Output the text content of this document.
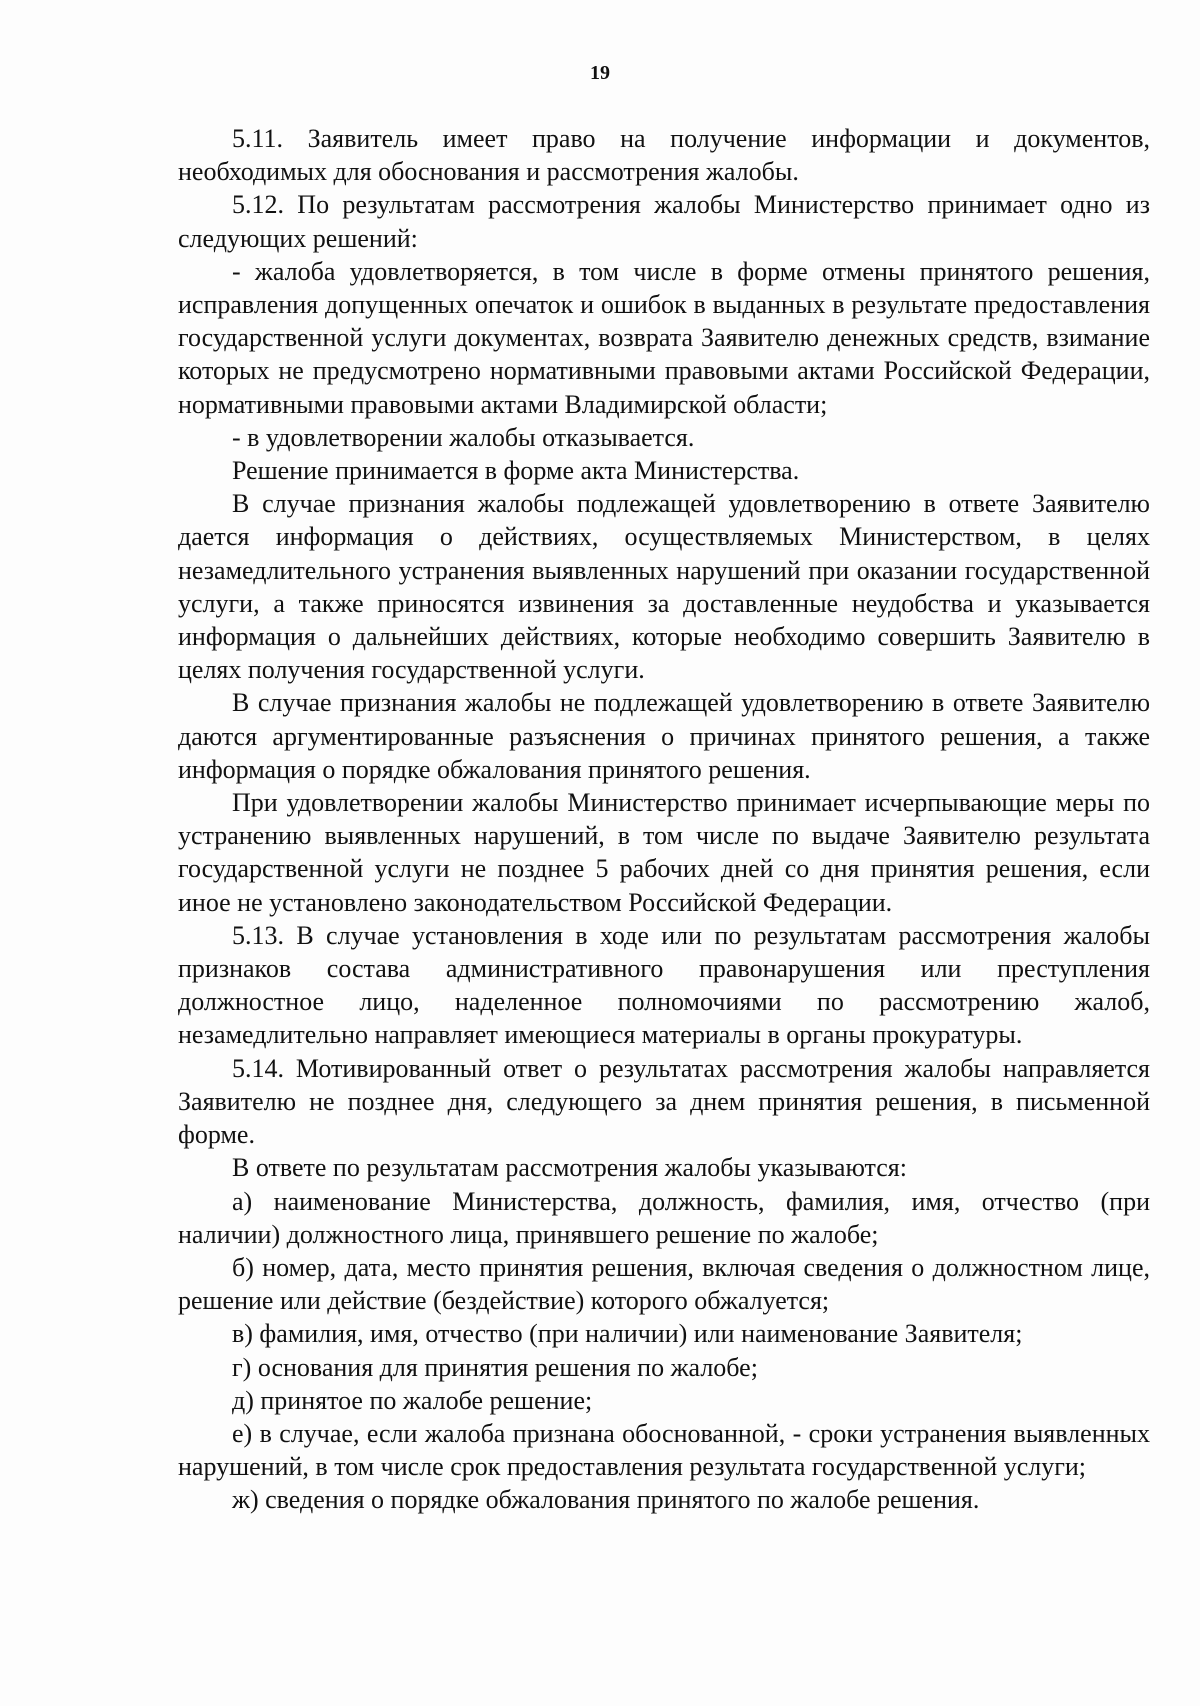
19

5.11. Заявитель имеет право на получение информации и документов, необходимых для обоснования и рассмотрения жалобы.

5.12. По результатам рассмотрения жалобы Министерство принимает одно из следующих решений:

- жалоба удовлетворяется, в том числе в форме отмены принятого решения, исправления допущенных опечаток и ошибок в выданных в результате предоставления государственной услуги документах, возврата Заявителю денежных средств, взимание которых не предусмотрено нормативными правовыми актами Российской Федерации, нормативными правовыми актами Владимирской области;

- в удовлетворении жалобы отказывается.

Решение принимается в форме акта Министерства.

В случае признания жалобы подлежащей удовлетворению в ответе Заявителю дается информация о действиях, осуществляемых Министерством, в целях незамедлительного устранения выявленных нарушений при оказании государственной услуги, а также приносятся извинения за доставленные неудобства и указывается информация о дальнейших действиях, которые необходимо совершить Заявителю в целях получения государственной услуги.

В случае признания жалобы не подлежащей удовлетворению в ответе Заявителю даются аргументированные разъяснения о причинах принятого решения, а также информация о порядке обжалования принятого решения.

При удовлетворении жалобы Министерство принимает исчерпывающие меры по устранению выявленных нарушений, в том числе по выдаче Заявителю результата государственной услуги не позднее 5 рабочих дней со дня принятия решения, если иное не установлено законодательством Российской Федерации.

5.13. В случае установления в ходе или по результатам рассмотрения жалобы признаков состава административного правонарушения или преступления должностное лицо, наделенное полномочиями по рассмотрению жалоб, незамедлительно направляет имеющиеся материалы в органы прокуратуры.

5.14. Мотивированный ответ о результатах рассмотрения жалобы направляется Заявителю не позднее дня, следующего за днем принятия решения, в письменной форме.

В ответе по результатам рассмотрения жалобы указываются:

а) наименование Министерства, должность, фамилия, имя, отчество (при наличии) должностного лица, принявшего решение по жалобе;

б) номер, дата, место принятия решения, включая сведения о должностном лице, решение или действие (бездействие) которого обжалуется;

в) фамилия, имя, отчество (при наличии) или наименование Заявителя;

г) основания для принятия решения по жалобе;

д) принятое по жалобе решение;

е) в случае, если жалоба признана обоснованной, - сроки устранения выявленных нарушений, в том числе срок предоставления результата государственной услуги;

ж) сведения о порядке обжалования принятого по жалобе решения.
